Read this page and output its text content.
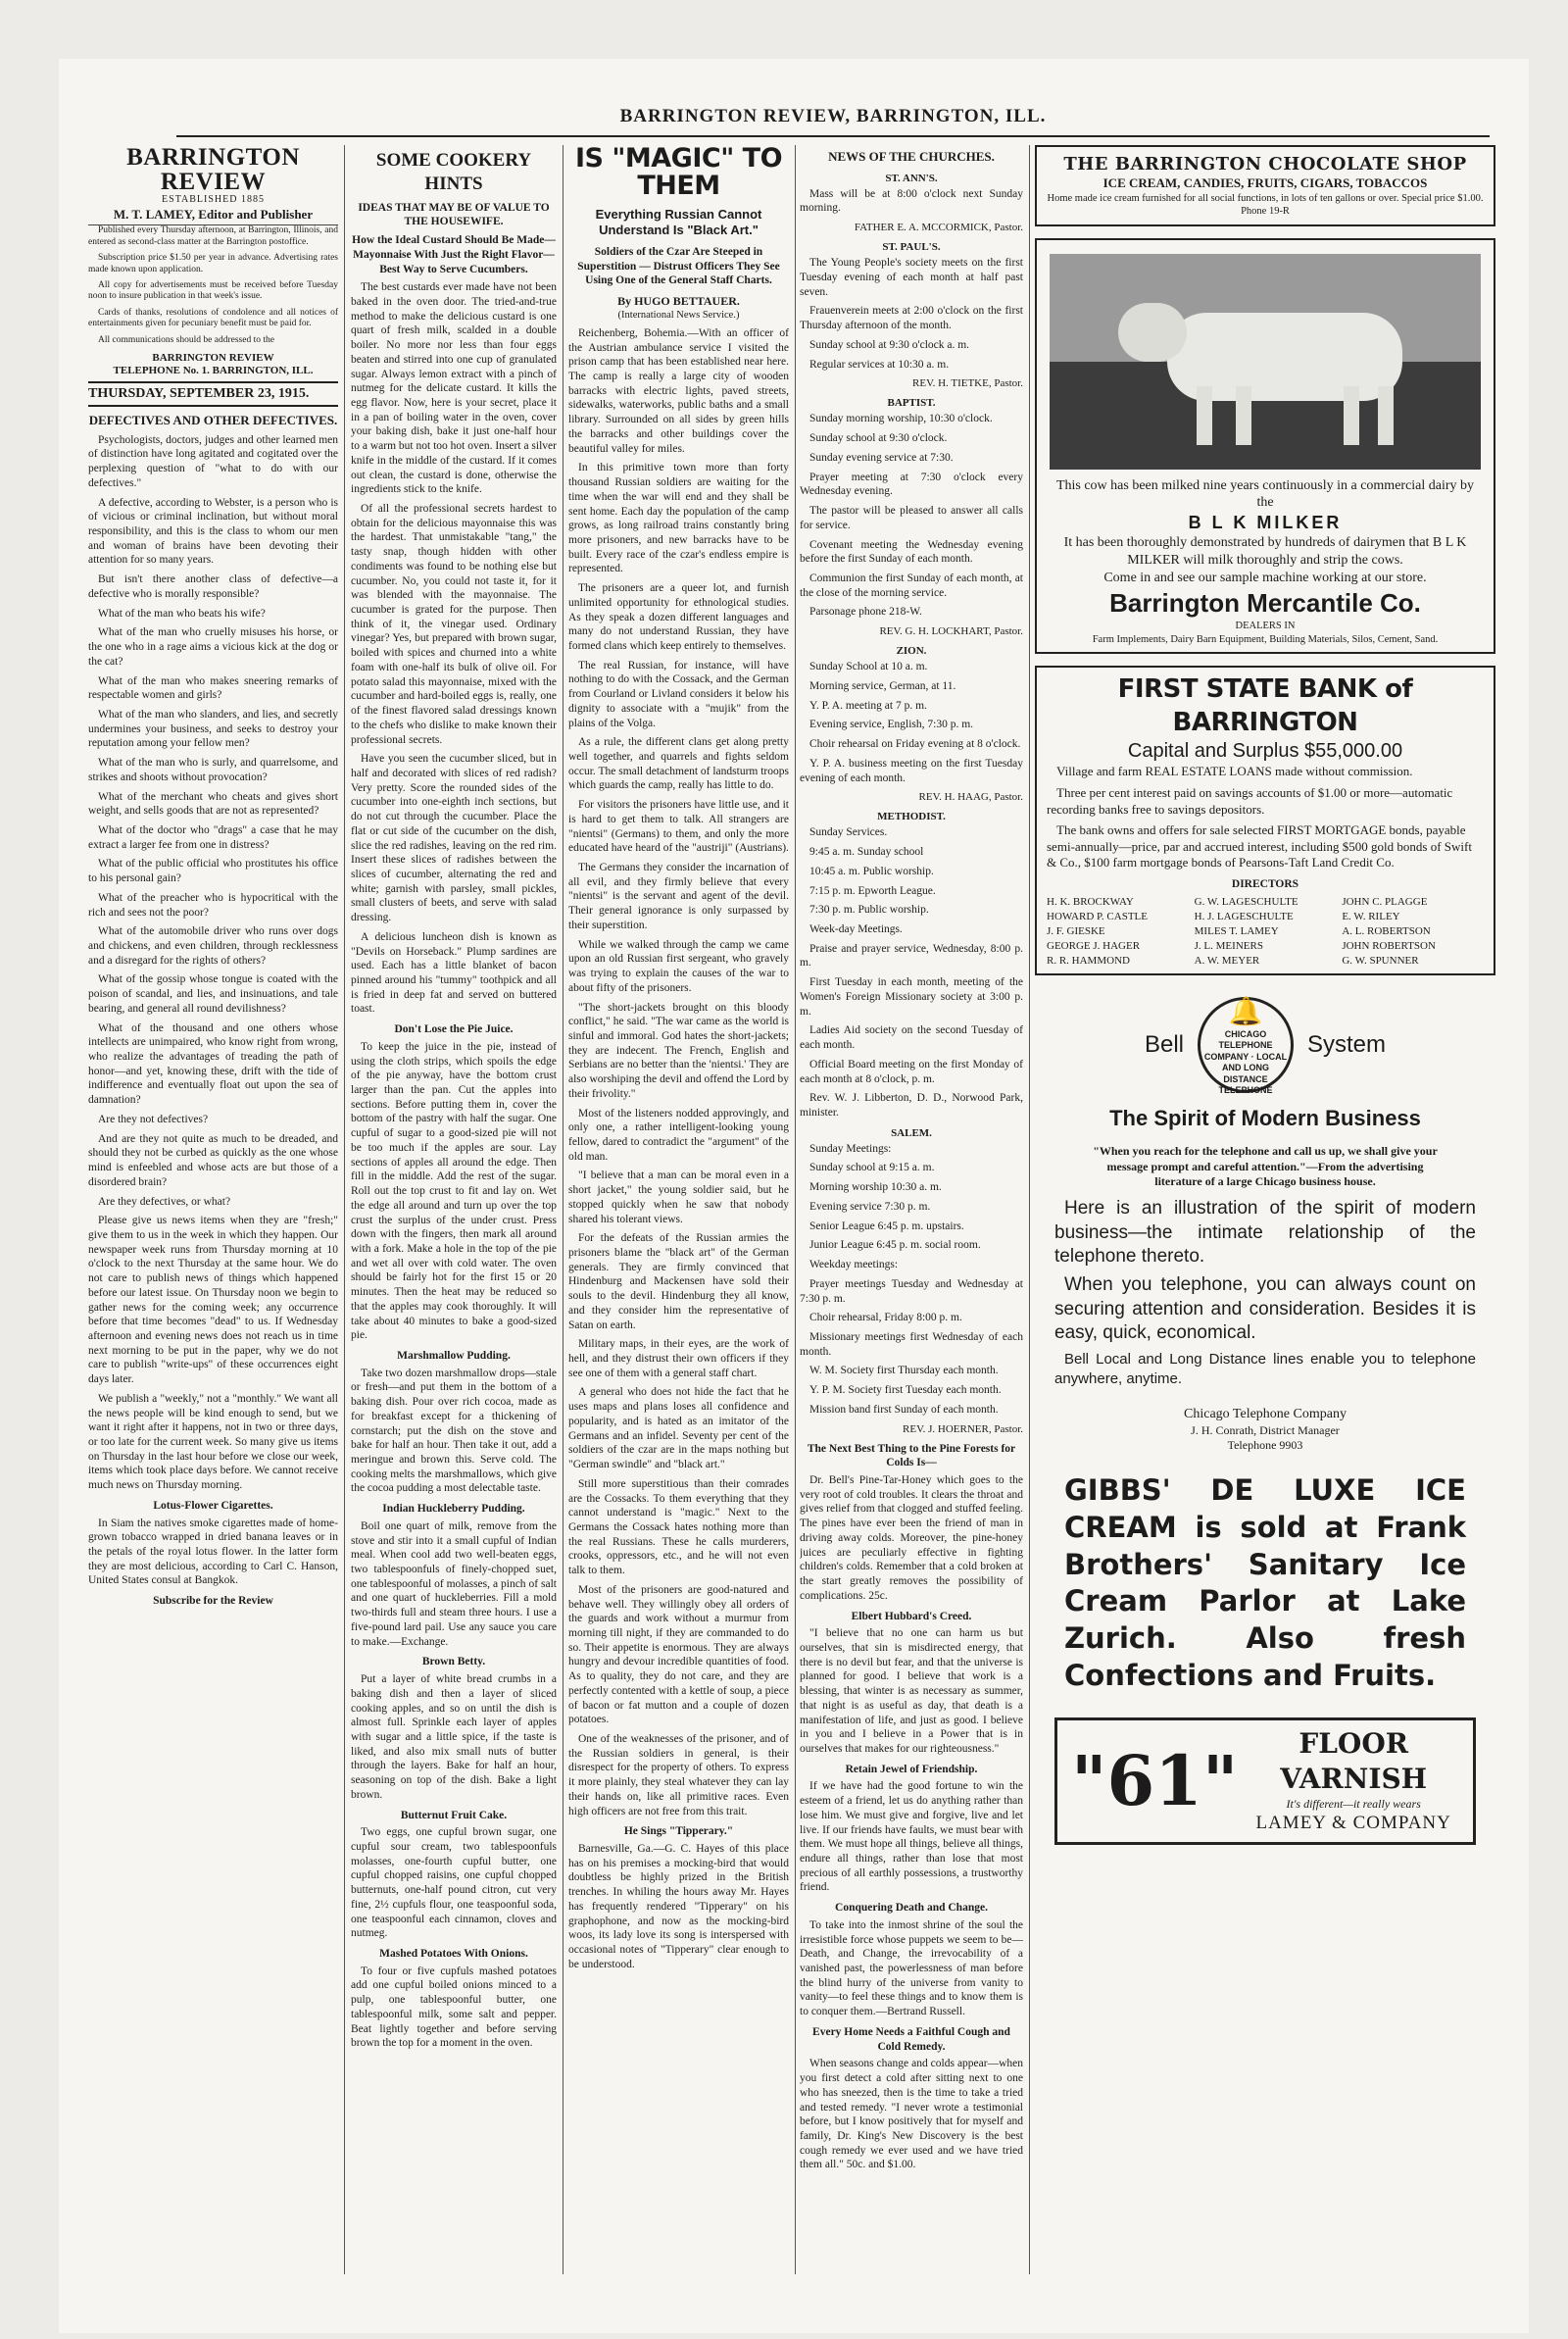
BARRINGTON REVIEW, BARRINGTON, ILL.
BARRINGTON REVIEW
ESTABLISHED 1885
M. T. LAMEY, Editor and Publisher

Published every Thursday afternoon, at Barrington, Illinois, and entered as second-class matter at the Barrington postoffice.

Subscription price $1.50 per year in advance. Advertising rates made known upon application.

All copy for advertisements must be received before Tuesday noon to insure publication in that week's issue.

Cards of thanks, resolutions of condolence and all notices of entertainments given for pecuniary benefit must be paid for.

All communications should be addressed to the

BARRINGTON REVIEW
TELEPHONE No. 1. BARRINGTON, ILL.
THURSDAY, SEPTEMBER 23, 1915.
DEFECTIVES AND OTHER DEFECTIVES.

Psychologists, doctors, judges and other learned men of distinction have long agitated and cogitated over the perplexing question of "what to do with our defectives."

A defective, according to Webster, is a person who is of vicious or criminal inclination, but without moral responsibility, and this is the class to whom our men and woman of brains have been devoting their attention for so many years.

But isn't there another class of defective—a defective who is morally responsible?

What of the man who beats his wife?

What of the man who cruelly misuses his horse, or the one who in a rage aims a vicious kick at the dog or the cat?

What of the man who makes sneering remarks of respectable women and girls?

What of the man who slanders, and lies, and secretly undermines your business, and seeks to destroy your reputation among your fellow men?

What of the man who is surly, and quarrelsome, and strikes and shoots without provocation?

What of the merchant who cheats and gives short weight, and sells goods that are not as represented?

What of the doctor who "drags" a case that he may extract a larger fee from one in distress?

What of the public official who prostitutes his office to his personal gain?

What of the preacher who is hypocritical with the rich and sees not the poor?

What of the automobile driver who runs over dogs and chickens, and even children, through recklessness and a disregard for the rights of others?

What of the gossip whose tongue is coated with the poison of scandal, and lies, and insinuations, and tale bearing, and general all round devilishness?

What of the thousand and one others whose intellects are unimpaired, who know right from wrong, who realize the advantages of treading the path of honor—and yet, knowing these, drift with the tide of indifference and eventually float out upon the sea of damnation?

Are they not defectives?

And are they not quite as much to be dreaded, and should they not be curbed as quickly as the one whose mind is enfeebled and whose acts are but those of a disordered brain?

Are they defectives, or what?

Please give us news items when they are "fresh;" give them to us in the week in which they happen. Our newspaper week runs from Thursday morning at 10 o'clock to the next Thursday at the same hour. We do not care to publish news of things which happened before our latest issue. On Thursday noon we begin to gather news for the coming week; any occurrence before that time becomes "dead" to us. If Wednesday afternoon and evening news does not reach us in time next morning to be put in the paper, why we do not care to publish "write-ups" of these occurrences eight days later.

We publish a "weekly," not a "monthly." We want all the news people will be kind enough to send, but we want it right after it happens, not in two or three days, or too late for the current week. So many give us items on Thursday in the last hour before we close our week, items which took place days before. We cannot receive much news on Thursday morning.

Lotus-Flower Cigarettes.

In Siam the natives smoke cigarettes made of home-grown tobacco wrapped in dried banana leaves or in the petals of the royal lotus flower. In the latter form they are most delicious, according to Carl C. Hanson, United States consul at Bangkok.

Subscribe for the Review
SOME COOKERY HINTS
IDEAS THAT MAY BE OF VALUE TO THE HOUSEWIFE.
How the Ideal Custard Should Be Made—Mayonnaise With Just the Right Flavor—Best Way to Serve Cucumbers.

The best custards ever made have not been baked in the oven door. The tried-and-true method to make the delicious custard is one quart of fresh milk, scalded in a double boiler. No more nor less than four eggs beaten and stirred into one cup of granulated sugar. Always lemon extract with a pinch of nutmeg for the delicate custard. It kills the egg flavor. Now, here is your secret, place it in a pan of boiling water in the oven, cover your baking dish, bake it just one-half hour to a warm but not too hot oven. Insert a silver knife in the middle of the custard. If it comes out clean, the custard is done, otherwise the ingredients stick to the knife.

Of all the professional secrets hardest to obtain for the delicious mayonnaise this was the hardest. That unmistakable "tang," the tasty snap, though hidden with other condiments was found to be nothing else but cucumber. No, you could not taste it, for it was blended with the mayonnaise. The cucumber is grated for the purpose. Then think of it, the vinegar used. Ordinary vinegar? Yes, but prepared with brown sugar, boiled with spices and churned into a white foam with one-half its bulk of olive oil. For potato salad this mayonnaise, mixed with the cucumber and hard-boiled eggs is, really, one of the finest flavored salad dressings known to the chefs who dislike to make known their professional secrets.

Have you seen the cucumber sliced, but in half and decorated with slices of red radish? Very pretty. Score the rounded sides of the cucumber into one-eighth inch sections, but do not cut through the cucumber. Place the flat or cut side of the cucumber on the dish, slice the red radishes, leaving on the red rim. Insert these slices of radishes between the slices of cucumber, alternating the red and white; garnish with parsley, small pickles, small clusters of beets, and serve with salad dressing.

A delicious luncheon dish is known as "Devils on Horseback." Plump sardines are used. Each has a little blanket of bacon pinned around his "tummy" toothpick and all is fried in deep fat and served on buttered toast.

Don't Lose the Pie Juice.

To keep the juice in the pie, instead of using the cloth strips, which spoils the edge of the pie anyway, have the bottom crust larger than the pan. Cut the apples into sections. Before putting them in, cover the bottom of the pastry with half the sugar. One cupful of sugar to a good-sized pie will not be too much if the apples are sour. Lay sections of apples all around the edge. Then fill in the middle. Add the rest of the sugar. Roll out the top crust to fit and lay on. Wet the edge all around and turn up over the top crust the surplus of the under crust. Press down with the fingers, then mark all around with a fork. Make a hole in the top of the pie and wet all over with cold water. The oven should be fairly hot for the first 15 or 20 minutes. Then the heat may be reduced so that the apples may cook thoroughly. It will take about 40 minutes to bake a good-sized pie.

Marshmallow Pudding.

Take two dozen marshmallow drops—stale or fresh—and put them in the bottom of a baking dish. Pour over rich cocoa, made as for breakfast except for a thickening of cornstarch; put the dish on the stove and bake for half an hour. Then take it out, add a meringue and brown this. Serve cold. The cooking melts the marshmallows, which give the cocoa pudding a most delectable taste.

Indian Huckleberry Pudding.

Boil one quart of milk, remove from the stove and stir into it a small cupful of Indian meal. When cool add two well-beaten eggs, two tablespoonfuls of finely-chopped suet, one tablespoonful of molasses, a pinch of salt and one quart of huckleberries. Fill a mold two-thirds full and steam three hours. I use a five-pound lard pail. Use any sauce you care to make.—Exchange.

Brown Betty.

Put a layer of white bread crumbs in a baking dish and then a layer of sliced cooking apples, and so on until the dish is almost full. Sprinkle each layer of apples with sugar and a little spice, if the taste is liked, and also mix small nuts of butter through the layers. Bake for half an hour, seasoning on top of the dish. Bake a light brown.

Butternut Fruit Cake.

Two eggs, one cupful brown sugar, one cupful sour cream, two tablespoonfuls molasses, one-fourth cupful butter, one cupful chopped raisins, one cupful chopped butternuts, one-half pound citron, cut very fine, 2½ cupfuls flour, one teaspoonful soda, one teaspoonful each cinnamon, cloves and nutmeg.

Mashed Potatoes With Onions.

To four or five cupfuls mashed potatoes add one cupful boiled onions minced to a pulp, one tablespoonful butter, one tablespoonful milk, some salt and pepper. Beat lightly together and before serving brown the top for a moment in the oven.

IS "MAGIC" TO THEM
Everything Russian Cannot Understand Is "Black Art."
Soldiers of the Czar Are Steeped in Superstition — Distrust Officers They See Using One of the General Staff Charts.
By HUGO BETTAUER.
(International News Service.)

Reichenberg, Bohemia.—With an officer of the Austrian ambulance service I visited the prison camp that has been established near here. The camp is really a large city of wooden barracks with electric lights, paved streets, sidewalks, waterworks, public baths and a small library. Surrounded on all sides by green hills the barracks and other buildings cover the beautiful valley for miles.

In this primitive town more than forty thousand Russian soldiers are waiting for the time when the war will end and they shall be sent home. Each day the population of the camp grows, as long railroad trains constantly bring more prisoners, and new barracks have to be built. Every race of the czar's endless empire is represented.

The prisoners are a queer lot, and furnish unlimited opportunity for ethnological studies. As they speak a dozen different languages and many do not understand Russian, they have formed clans which keep entirely to themselves.

The real Russian, for instance, will have nothing to do with the Cossack, and the German from Courland or Livland considers it below his dignity to associate with a "mujik" from the plains of the Volga.

As a rule, the different clans get along pretty well together, and quarrels and fights seldom occur. The small detachment of landsturm troops which guards the camp, really has little to do.

For visitors the prisoners have little use, and it is hard to get them to talk. All strangers are "nientsi" (Germans) to them, and only the more educated have heard of the "austriji" (Austrians).

The Germans they consider the incarnation of all evil, and they firmly believe that every "nientsi" is the servant and agent of the devil. Their general ignorance is only surpassed by their superstition.

While we walked through the camp we came upon an old Russian first sergeant, who gravely was trying to explain the causes of the war to about fifty of the prisoners.

"The short-jackets brought on this bloody conflict," he said. "The war came as the world is sinful and immoral. God hates the short-jackets; they are indecent. The French, English and Serbians are no better than the 'nientsi.' They are also worshiping the devil and offend the Lord by their frivolity."

Most of the listeners nodded approvingly, and only one, a rather intelligent-looking young fellow, dared to contradict the "argument" of the old man.

"I believe that a man can be moral even in a short jacket," the young soldier said, but he stopped quickly when he saw that nobody shared his tolerant views.

For the defeats of the Russian armies the prisoners blame the "black art" of the German generals. They are firmly convinced that Hindenburg and Mackensen have sold their souls to the devil. Hindenburg they all know, and they consider him the representative of Satan on earth.

Military maps, in their eyes, are the work of hell, and they distrust their own officers if they see one of them with a general staff chart.

A general who does not hide the fact that he uses maps and plans loses all confidence and popularity, and is hated as an imitator of the Germans and an infidel. Seventy per cent of the soldiers of the czar are in the maps nothing but "German swindle" and "black art."

Still more superstitious than their comrades are the Cossacks. To them everything that they cannot understand is "magic." Next to the Germans the Cossack hates nothing more than the real Russians. These he calls murderers, crooks, oppressors, etc., and he will not even talk to them.

Most of the prisoners are good-natured and behave well. They willingly obey all orders of the guards and work without a murmur from morning till night, if they are commanded to do so. Their appetite is enormous. They are always hungry and devour incredible quantities of food. As to quality, they do not care, and they are perfectly contented with a kettle of soup, a piece of bacon or fat mutton and a couple of dozen potatoes.

One of the weaknesses of the prisoner, and of the Russian soldiers in general, is their disrespect for the property of others. To express it more plainly, they steal whatever they can lay their hands on, like all primitive races. Even high officers are not free from this trait.

He Sings "Tipperary."

Barnesville, Ga.—G. C. Hayes of this place has on his premises a mocking-bird that would doubtless be highly prized in the British trenches. In whiling the hours away Mr. Hayes has frequently rendered "Tipperary" on his graphophone, and now as the mocking-bird woos, its lady love its song is interspersed with occasional notes of "Tipperary" clear enough to be understood.

NEWS OF THE CHURCHES.
ST. ANN'S.

Mass will be at 8:00 o'clock next Sunday morning.

FATHER E. A. MCCORMICK, Pastor.
ST. PAUL'S.

The Young People's society meets on the first Tuesday evening of each month at half past seven.

Frauenverein meets at 2:00 o'clock on the first Thursday afternoon of the month.

Sunday school at 9:30 o'clock a. m.

Regular services at 10:30 a. m.

REV. H. TIETKE, Pastor.
BAPTIST.

Sunday morning worship, 10:30 o'clock.

Sunday school at 9:30 o'clock.

Sunday evening service at 7:30.

Prayer meeting at 7:30 o'clock every Wednesday evening.

The pastor will be pleased to answer all calls for service.

Covenant meeting the Wednesday evening before the first Sunday of each month.

Communion the first Sunday of each month, at the close of the morning service.

Parsonage phone 218-W.

REV. G. H. LOCKHART, Pastor.
ZION.

Sunday School at 10 a. m.

Morning service, German, at 11.

Y. P. A. meeting at 7 p. m.

Evening service, English, 7:30 p. m.

Choir rehearsal on Friday evening at 8 o'clock.

Y. P. A. business meeting on the first Tuesday evening of each month.

REV. H. HAAG, Pastor.
METHODIST.

Sunday Services.

9:45 a. m. Sunday school

10:45 a. m. Public worship.

7:15 p. m. Epworth League.

7:30 p. m. Public worship.

Week-day Meetings.

Praise and prayer service, Wednesday, 8:00 p. m.

First Tuesday in each month, meeting of the Women's Foreign Missionary society at 3:00 p. m.

Ladies Aid society on the second Tuesday of each month.

Official Board meeting on the first Monday of each month at 8 o'clock, p. m.

Rev. W. J. Libberton, D. D., Norwood Park, minister.

SALEM.

Sunday Meetings:

Sunday school at 9:15 a. m.

Morning worship 10:30 a. m.

Evening service 7:30 p. m.

Senior League 6:45 p. m. upstairs.

Junior League 6:45 p. m. social room.

Weekday meetings:

Prayer meetings Tuesday and Wednesday at 7:30 p. m.

Choir rehearsal, Friday 8:00 p. m.

Missionary meetings first Wednesday of each month.

W. M. Society first Thursday each month.

Y. P. M. Society first Tuesday each month.

Mission band first Sunday of each month.

REV. J. HOERNER, Pastor.
The Next Best Thing to the Pine Forests for Colds Is—

Dr. Bell's Pine-Tar-Honey which goes to the very root of cold troubles. It clears the throat and gives relief from that clogged and stuffed feeling. The pines have ever been the friend of man in driving away colds. Moreover, the pine-honey juices are peculiarly effective in fighting children's colds. Remember that a cold broken at the start greatly removes the possibility of complications. 25c.

Elbert Hubbard's Creed.

"I believe that no one can harm us but ourselves, that sin is misdirected energy, that there is no devil but fear, and that the universe is planned for good. I believe that work is a blessing, that winter is as necessary as summer, that night is as useful as day, that death is a manifestation of life, and just as good. I believe in you and I believe in a Power that is in ourselves that makes for our righteousness."

Retain Jewel of Friendship.

If we have had the good fortune to win the esteem of a friend, let us do anything rather than lose him. We must give and forgive, live and let live. If our friends have faults, we must bear with them. We must hope all things, believe all things, endure all things, rather than lose that most precious of all earthly possessions, a trustworthy friend.

Conquering Death and Change.

To take into the inmost shrine of the soul the irresistible force whose puppets we seem to be—Death, and Change, the irrevocability of a vanished past, the powerlessness of man before the blind hurry of the universe from vanity to vanity—to feel these things and to know them is to conquer them.—Bertrand Russell.

Every Home Needs a Faithful Cough and Cold Remedy.

When seasons change and colds appear—when you first detect a cold after sitting next to one who has sneezed, then is the time to take a tried and tested remedy. "I never wrote a testimonial before, but I know positively that for myself and family, Dr. King's New Discovery is the best cough remedy we ever used and we have tried them all." 50c. and $1.00.

THE BARRINGTON CHOCOLATE SHOP
ICE CREAM, CANDIES, FRUITS, CIGARS, TOBACCOS
Home made ice cream furnished for all social functions, in lots of ten gallons or over. Special price $1.00. Phone 19-R
This cow has been milked nine years continuously in a commercial dairy by the
B L K MILKER
It has been thoroughly demonstrated by hundreds of dairymen that B L K MILKER will milk thoroughly and strip the cows.
Come in and see our sample machine working at our store.
Barrington Mercantile Co.
DEALERS IN
Farm Implements, Dairy Barn Equipment, Building Materials, Silos, Cement, Sand.
FIRST STATE BANK of BARRINGTON
Capital and Surplus $55,000.00

Village and farm REAL ESTATE LOANS made without commission.

Three per cent interest paid on savings accounts of $1.00 or more—automatic recording banks free to savings depositors.

The bank owns and offers for sale selected FIRST MORTGAGE bonds, payable semi-annually—price, par and accrued interest, including $500 gold bonds of Swift & Co., $100 farm mortgage bonds of Pearsons-Taft Land Credit Co.

DIRECTORS
H. K. BROCKWAY	G. W. LAGESCHULTE	JOHN C. PLAGGE
HOWARD P. CASTLE	H. J. LAGESCHULTE	E. W. RILEY
J. F. GIESKE	MILES T. LAMEY	A. L. ROBERTSON
GEORGE J. HAGER	J. L. MEINERS	JOHN ROBERTSON
R. R. HAMMOND	A. W. MEYER	G. W. SPUNNER
Bell
🔔
CHICAGO TELEPHONE COMPANY · LOCAL AND LONG DISTANCE TELEPHONE
System
The Spirit of Modern Business
"When you reach for the telephone and call us up, we shall give your message prompt and careful attention."—From the advertising literature of a large Chicago business house.

Here is an illustration of the spirit of modern business—the intimate relationship of the telephone thereto.

When you telephone, you can always count on securing attention and consideration. Besides it is easy, quick, economical.

Bell Local and Long Distance lines enable you to telephone anywhere, anytime.

Chicago Telephone Company
J. H. Conrath, District Manager
Telephone 9903
GIBBS' DE LUXE ICE CREAM is sold at Frank Brothers' Sanitary Ice Cream Parlor at Lake Zurich. Also fresh Confections and Fruits.
"61"	FLOOR VARNISH
It's different—it really wears
LAMEY & COMPANY
